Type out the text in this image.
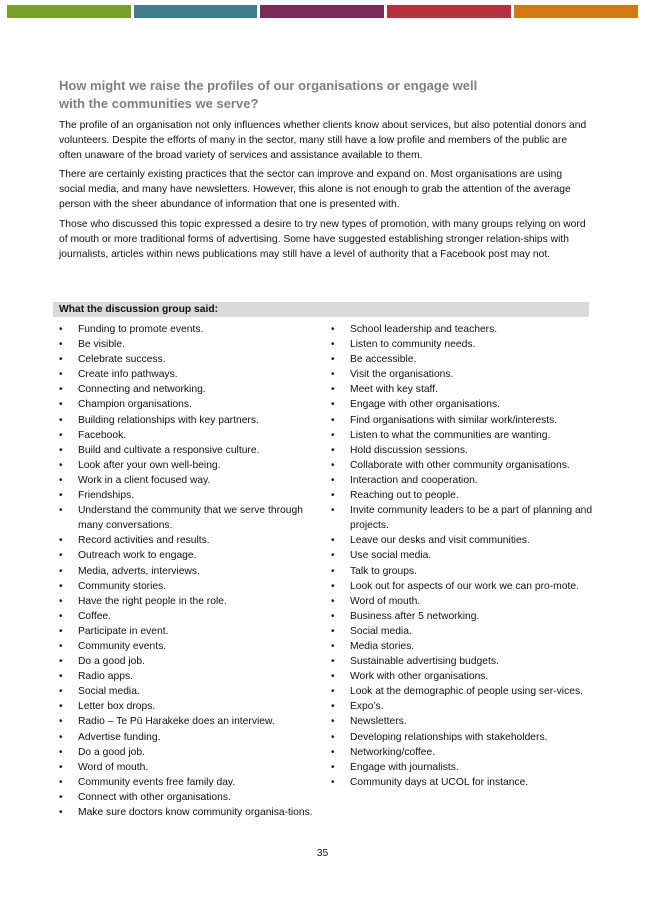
How might we raise the profiles of our organisations or engage well
with the communities we serve?

The profile of an organisation not only influences whether clients know about services, but also potential donors and volunteers. Despite the efforts of many in the sector, many still have a low profile and members of the public are often unaware of the broad variety of services and assistance available to them.

There are certainly existing practices that the sector can improve and expand on. Most organisations are using social media, and many have newsletters. However, this alone is not enough to grab the attention of the average person with the sheer abundance of information that one is presented with.

Those who discussed this topic expressed a desire to try new types of promotion, with many groups relying on word of mouth or more traditional forms of advertising. Some have suggested establishing stronger relation-ships with journalists, articles within news publications may still have a level of authority that a Facebook post may not.

What the discussion group said:
• Funding to promote events.
• Be visible.
• Celebrate success.
• Create info pathways.
• Connecting and networking.
• Champion organisations.
• Building relationships with key partners.
• Facebook.
• Build and cultivate a responsive culture.
• Look after your own well-being.
• Work in a client focused way.
• Friendships.
• Understand the community that we serve through many conversations.
• Record activities and results.
• Outreach work to engage.
• Media, adverts, interviews.
• Community stories.
• Have the right people in the role.
• Coffee.
• Participate in event.
• Community events.
• Do a good job.
• Radio apps.
• Social media.
• Letter box drops.
• Radio – Te Pū Harakeke does an interview.
• Advertise funding.
• Do a good job.
• Word of mouth.
• Community events free family day.
• Connect with other organisations.
• Make sure doctors know community organisa-tions.
• School leadership and teachers.
• Listen to community needs.
• Be accessible.
• Visit the organisations.
• Meet with key staff.
• Engage with other organisations.
• Find organisations with similar work/interests.
• Listen to what the communities are wanting.
• Hold discussion sessions.
• Collaborate with other community organisations.
• Interaction and cooperation.
• Reaching out to people.
• Invite community leaders to be a part of planning and projects.
• Leave our desks and visit communities.
• Use social media.
• Talk to groups.
• Look out for aspects of our work we can pro-mote.
• Word of mouth.
• Business after 5 networking.
• Social media.
• Media stories.
• Sustainable advertising budgets.
• Work with other organisations.
• Look at the demographic of people using ser-vices.
• Expo’s.
• Newsletters.
• Developing relationships with stakeholders.
• Networking/coffee.
• Engage with journalists.
• Community days at UCOL for instance.
35
